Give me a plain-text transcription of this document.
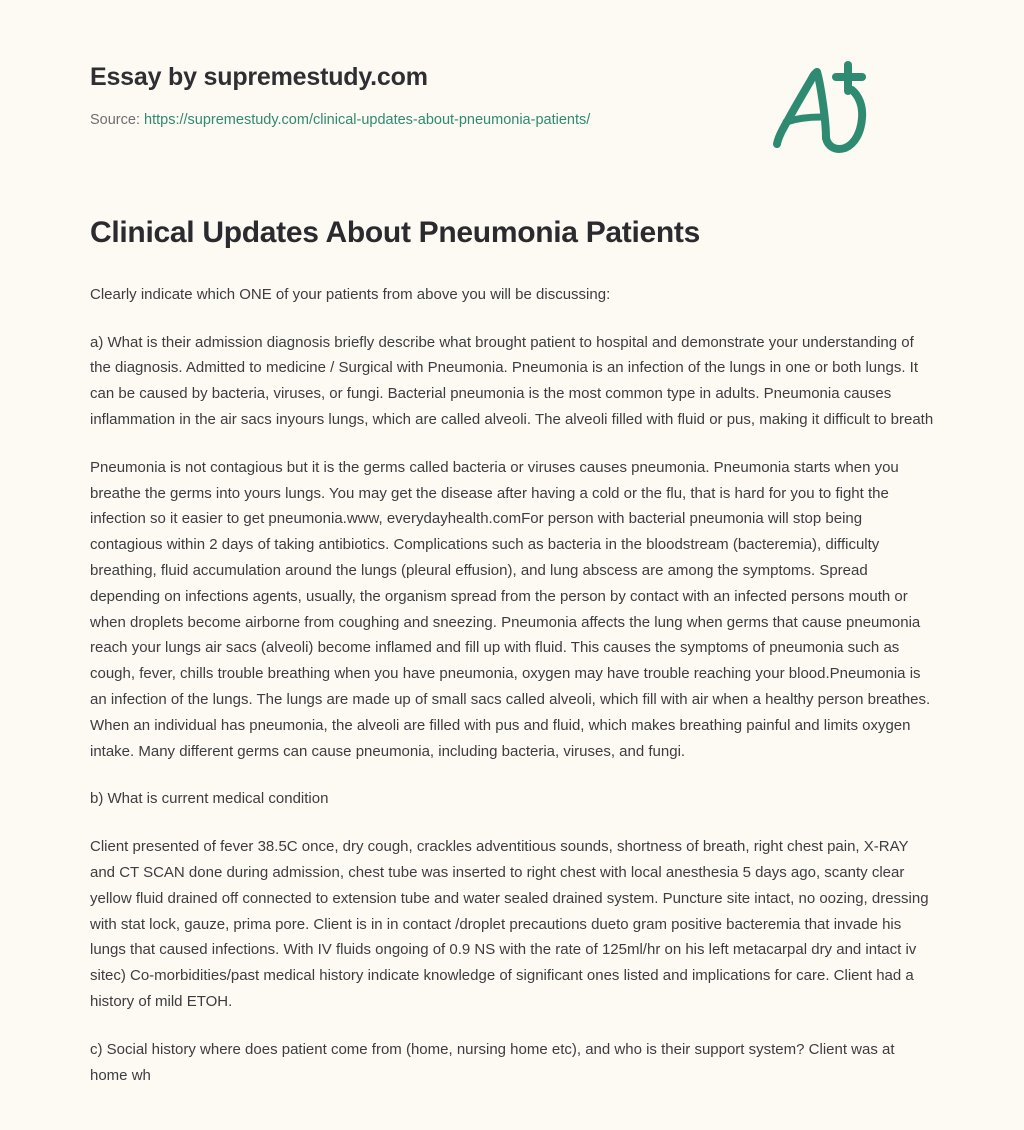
Essay by supremestudy.com

Source: https://supremestudy.com/clinical-updates-about-pneumonia-patients/

Clinical Updates About Pneumonia Patients

Clearly indicate which ONE of your patients from above you will be discussing:

a) What is their admission diagnosis briefly describe what brought patient to hospital and demonstrate your understanding of the diagnosis. Admitted to medicine / Surgical with Pneumonia. Pneumonia is an infection of the lungs in one or both lungs. It can be caused by bacteria, viruses, or fungi. Bacterial pneumonia is the most common type in adults. Pneumonia causes inflammation in the air sacs inyours lungs, which are called alveoli. The alveoli filled with fluid or pus, making it difficult to breath

Pneumonia is not contagious but it is the germs called bacteria or viruses causes pneumonia. Pneumonia starts when you breathe the germs into yours lungs. You may get the disease after having a cold or the flu, that is hard for you to fight the infection so it easier to get pneumonia.www, everydayhealth.comFor person with bacterial pneumonia will stop being contagious within 2 days of taking antibiotics. Complications such as bacteria in the bloodstream (bacteremia), difficulty breathing, fluid accumulation around the lungs (pleural effusion), and lung abscess are among the symptoms. Spread depending on infections agents, usually, the organism spread from the person by contact with an infected persons mouth or when droplets become airborne from coughing and sneezing. Pneumonia affects the lung when germs that cause pneumonia reach your lungs air sacs (alveoli) become inflamed and fill up with fluid. This causes the symptoms of pneumonia such as cough, fever, chills trouble breathing when you have pneumonia, oxygen may have trouble reaching your blood.Pneumonia is an infection of the lungs. The lungs are made up of small sacs called alveoli, which fill with air when a healthy person breathes. When an individual has pneumonia, the alveoli are filled with pus and fluid, which makes breathing painful and limits oxygen intake. Many different germs can cause pneumonia, including bacteria, viruses, and fungi.

b) What is current medical condition

Client presented of fever 38.5C once, dry cough, crackles adventitious sounds, shortness of breath, right chest pain, X-RAY and CT SCAN done during admission, chest tube was inserted to right chest with local anesthesia 5 days ago, scanty clear yellow fluid drained off connected to extension tube and water sealed drained system. Puncture site intact, no oozing, dressing with stat lock, gauze, prima pore. Client is in in contact /droplet precautions dueto gram positive bacteremia that invade his lungs that caused infections. With IV fluids ongoing of 0.9 NS with the rate of 125ml/hr on his left metacarpal dry and intact iv sitec) Co-morbidities/past medical history indicate knowledge of significant ones listed and implications for care. Client had a history of mild ETOH.

c) Social history where does patient come from (home, nursing home etc), and who is their support system? Client was at home wh
